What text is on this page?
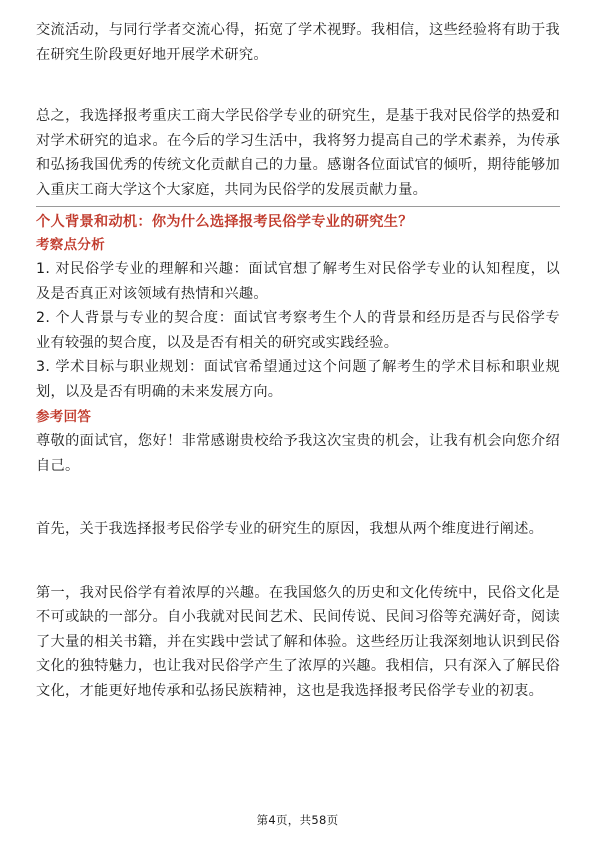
交流活动，与同行学者交流心得，拓宽了学术视野。我相信，这些经验将有助于我在研究生阶段更好地开展学术研究。

总之，我选择报考重庆工商大学民俗学专业的研究生，是基于我对民俗学的热爱和对学术研究的追求。在今后的学习生活中，我将努力提高自己的学术素养，为传承和弘扬我国优秀的传统文化贡献自己的力量。感谢各位面试官的倾听，期待能够加入重庆工商大学这个大家庭，共同为民俗学的发展贡献力量。

个人背景和动机：你为什么选择报考民俗学专业的研究生？
考察点分析

1. 对民俗学专业的理解和兴趣：面试官想了解考生对民俗学专业的认知程度，以及是否真正对该领域有热情和兴趣。

2. 个人背景与专业的契合度：面试官考察考生个人的背景和经历是否与民俗学专业有较强的契合度，以及是否有相关的研究或实践经验。

3. 学术目标与职业规划：面试官希望通过这个问题了解考生的学术目标和职业规划，以及是否有明确的未来发展方向。

参考回答

尊敬的面试官，您好！非常感谢贵校给予我这次宝贵的机会，让我有机会向您介绍自己。

首先，关于我选择报考民俗学专业的研究生的原因，我想从两个维度进行阐述。

第一，我对民俗学有着浓厚的兴趣。在我国悠久的历史和文化传统中，民俗文化是不可或缺的一部分。自小我就对民间艺术、民间传说、民间习俗等充满好奇，阅读了大量的相关书籍，并在实践中尝试了解和体验。这些经历让我深刻地认识到民俗文化的独特魅力，也让我对民俗学产生了浓厚的兴趣。我相信，只有深入了解民俗文化，才能更好地传承和弘扬民族精神，这也是我选择报考民俗学专业的初衷。

第4页，共58页
